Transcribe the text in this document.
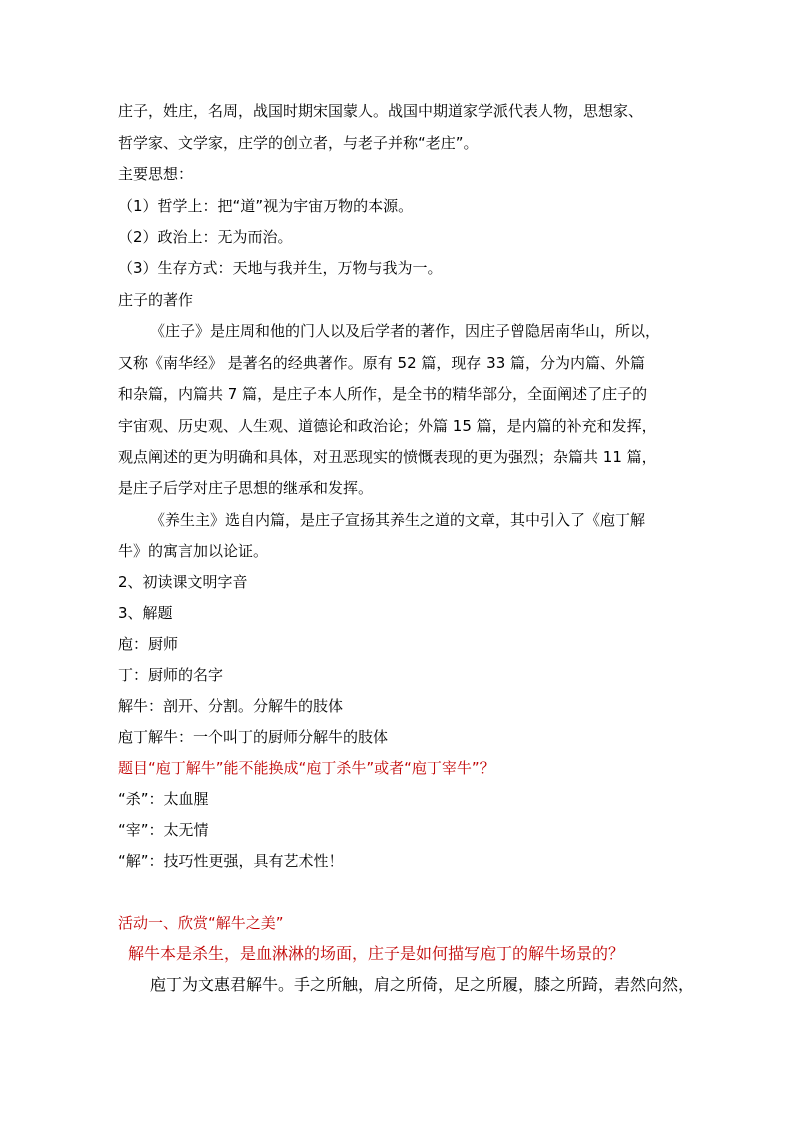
庄子，姓庄，名周，战国时期宋国蒙人。战国中期道家学派代表人物，思想家、
哲学家、文学家，庄学的创立者，与老子并称“老庄”。
主要思想：
（1）哲学上：把“道”视为宇宙万物的本源。
（2）政治上：无为而治。
（3）生存方式：天地与我并生，万物与我为一。
庄子的著作
《庄子》是庄周和他的门人以及后学者的著作，因庄子曾隐居南华山，所以，
又称《南华经》 是著名的经典著作。原有 52 篇，现存 33 篇，分为内篇、外篇
和杂篇，内篇共 7 篇，是庄子本人所作，是全书的精华部分，全面阐述了庄子的
宇宙观、历史观、人生观、道德论和政治论；外篇 15 篇，是内篇的补充和发挥，
观点阐述的更为明确和具体，对丑恶现实的愤慨表现的更为强烈；杂篇共 11 篇，
是庄子后学对庄子思想的继承和发挥。
《养生主》选自内篇，是庄子宣扬其养生之道的文章，其中引入了《庖丁解
牛》的寓言加以论证。
2、初读课文明字音
3、解题
庖：厨师
丁：厨师的名字
解牛：剖开、分割。分解牛的肢体
庖丁解牛：一个叫丁的厨师分解牛的肢体
题目“庖丁解牛”能不能换成“庖丁杀牛”或者“庖丁宰牛”？
“杀”：太血腥
“宰”：太无情
“解”：技巧性更强，具有艺术性！
活动一、欣赏“解牛之美”
解牛本是杀生，是血淋淋的场面，庄子是如何描写庖丁的解牛场景的？
庖丁为文惠君解牛。手之所触，肩之所倚，足之所履，膝之所踦，砉然向然，
